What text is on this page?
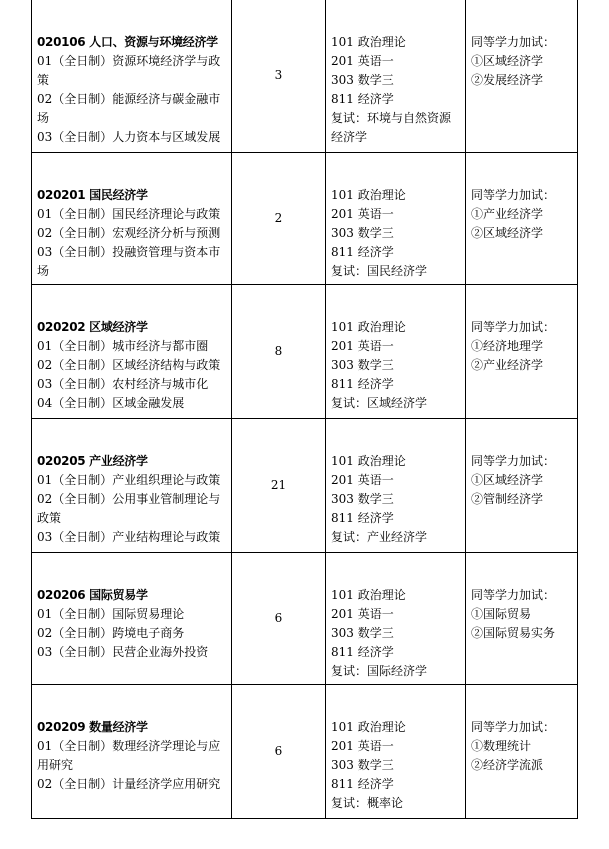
020106 人口、资源与环境经济学
01（全日制）资源环境经济学与政策
02（全日制）能源经济与碳金融市场
03（全日制）人力资本与区域发展	3	101 政治理论
201 英语一
303 数学三
811 经济学
复试：环境与自然资源经济学	同等学力加试：
①区域经济学
②发展经济学

020201 国民经济学
01（全日制）国民经济理论与政策
02（全日制）宏观经济分析与预测
03（全日制）投融资管理与资本市场	2	101 政治理论
201 英语一
303 数学三
811 经济学
复试：国民经济学	同等学力加试：
①产业经济学
②区域经济学

020202 区域经济学
01（全日制）城市经济与都市圈
02（全日制）区域经济结构与政策
03（全日制）农村经济与城市化
04（全日制）区域金融发展	8	101 政治理论
201 英语一
303 数学三
811 经济学
复试：区域经济学	同等学力加试：
①经济地理学
②产业经济学

020205 产业经济学
01（全日制）产业组织理论与政策
02（全日制）公用事业管制理论与政策
03（全日制）产业结构理论与政策	21	101 政治理论
201 英语一
303 数学三
811 经济学
复试：产业经济学	同等学力加试：
①区域经济学
②管制经济学

020206 国际贸易学
01（全日制）国际贸易理论
02（全日制）跨境电子商务
03（全日制）民营企业海外投资	6	101 政治理论
201 英语一
303 数学三
811 经济学
复试：国际经济学	同等学力加试：
①国际贸易
②国际贸易实务

020209 数量经济学
01（全日制）数理经济学理论与应用研究
02（全日制）计量经济学应用研究	6	101 政治理论
201 英语一
303 数学三
811 经济学
复试：概率论	同等学力加试：
①数理统计
②经济学流派
